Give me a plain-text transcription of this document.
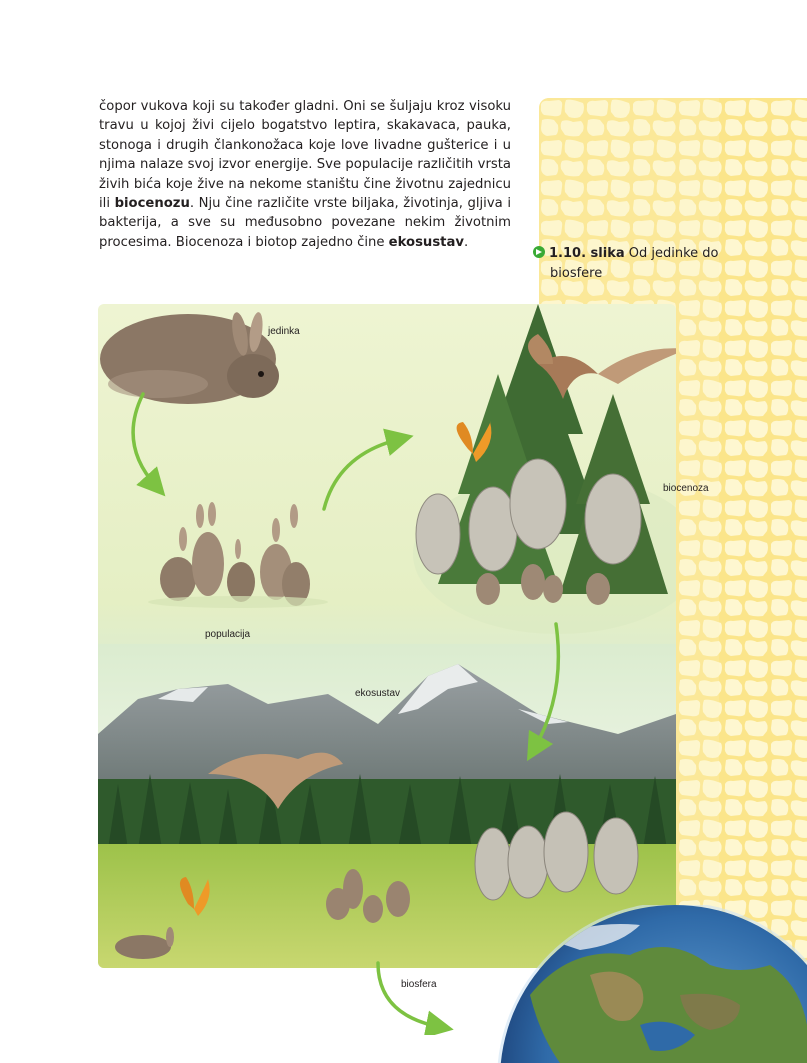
čopor vukova koji su također gladni. Oni se šuljaju kroz visoku travu u kojoj živi cijelo bogatstvo leptira, skakavaca, pauka, stonoga i drugih člankonožaca koje love livadne gušterice i u njima nalaze svoj izvor energije. Sve populacije različitih vrsta živih bića koje žive na nekome staništu čine životnu zajednicu ili biocenozu. Nju čine različite vrste biljaka, životinja, gljiva i bakterija, a sve su međusobno povezane nekim životnim procesima. Biocenoza i biotop zajedno čine ekosustav.
1.10. slika Od jedinke do
biosfere
jedinka
populacija
biocenoza
ekosustav
biosfera
